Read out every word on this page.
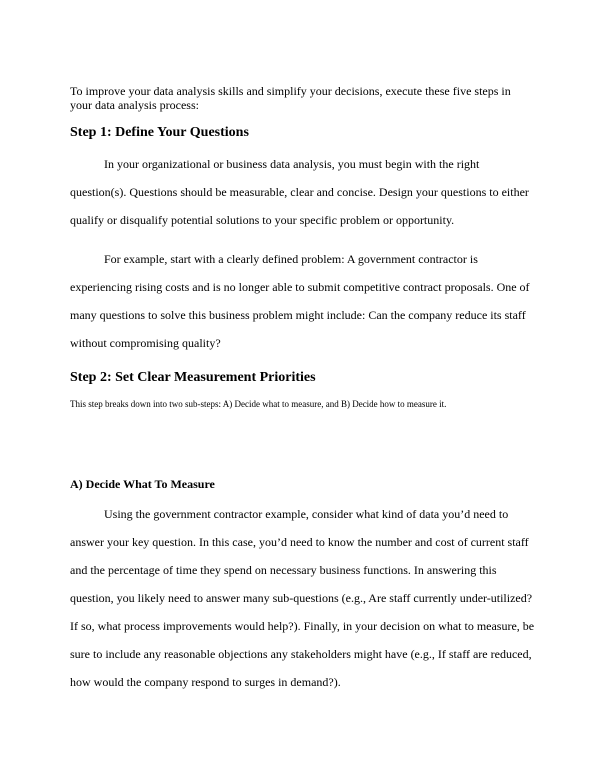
To improve your data analysis skills and simplify your decisions, execute these five steps in your data analysis process:
Step 1: Define Your Questions
In your organizational or business data analysis, you must begin with the right question(s). Questions should be measurable, clear and concise. Design your questions to either qualify or disqualify potential solutions to your specific problem or opportunity.
For example, start with a clearly defined problem: A government contractor is experiencing rising costs and is no longer able to submit competitive contract proposals. One of many questions to solve this business problem might include: Can the company reduce its staff without compromising quality?
Step 2: Set Clear Measurement Priorities
This step breaks down into two sub-steps: A) Decide what to measure, and B) Decide how to measure it.
A) Decide What To Measure
Using the government contractor example, consider what kind of data you’d need to answer your key question. In this case, you’d need to know the number and cost of current staff and the percentage of time they spend on necessary business functions. In answering this question, you likely need to answer many sub-questions (e.g., Are staff currently under-utilized? If so, what process improvements would help?). Finally, in your decision on what to measure, be sure to include any reasonable objections any stakeholders might have (e.g., If staff are reduced, how would the company respond to surges in demand?).
